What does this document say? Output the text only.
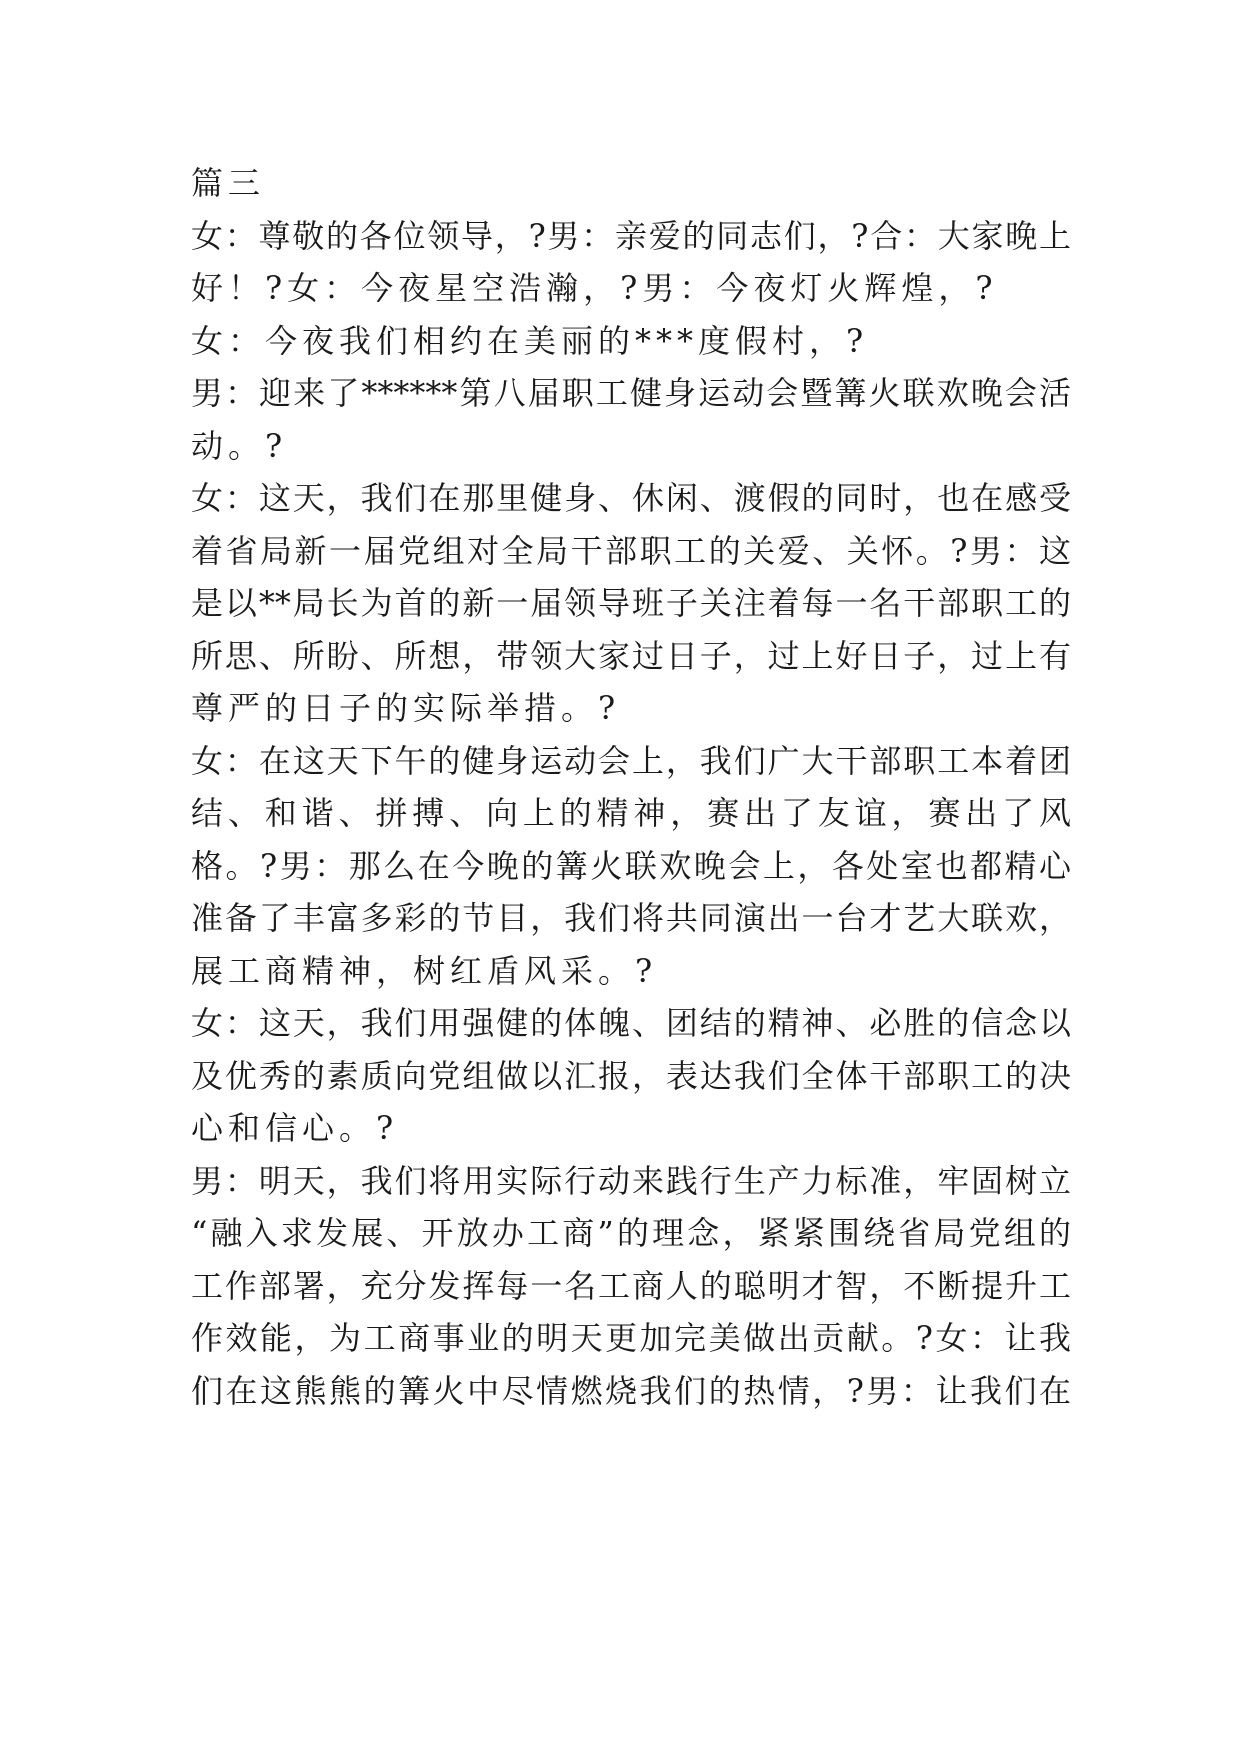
篇三
女：尊敬的各位领导，?男：亲爱的同志们，?合：大家晚上
好！?女：今夜星空浩瀚，?男：今夜灯火辉煌，?
女：今夜我们相约在美丽的***度假村，?
男：迎来了******第八届职工健身运动会暨篝火联欢晚会活
动。?
女：这天，我们在那里健身、休闲、渡假的同时，也在感受
着省局新一届党组对全局干部职工的关爱、关怀。?男：这
是以**局长为首的新一届领导班子关注着每一名干部职工的
所思、所盼、所想，带领大家过日子，过上好日子，过上有
尊严的日子的实际举措。?
女：在这天下午的健身运动会上，我们广大干部职工本着团
结、和谐、拼搏、向上的精神，赛出了友谊，赛出了风
格。?男：那么在今晚的篝火联欢晚会上，各处室也都精心
准备了丰富多彩的节目，我们将共同演出一台才艺大联欢，
展工商精神，树红盾风采。?
女：这天，我们用强健的体魄、团结的精神、必胜的信念以
及优秀的素质向党组做以汇报，表达我们全体干部职工的决
心和信心。?
男：明天，我们将用实际行动来践行生产力标准，牢固树立
“融入求发展、开放办工商”的理念，紧紧围绕省局党组的
工作部署，充分发挥每一名工商人的聪明才智，不断提升工
作效能，为工商事业的明天更加完美做出贡献。?女：让我
们在这熊熊的篝火中尽情燃烧我们的热情，?男：让我们在
